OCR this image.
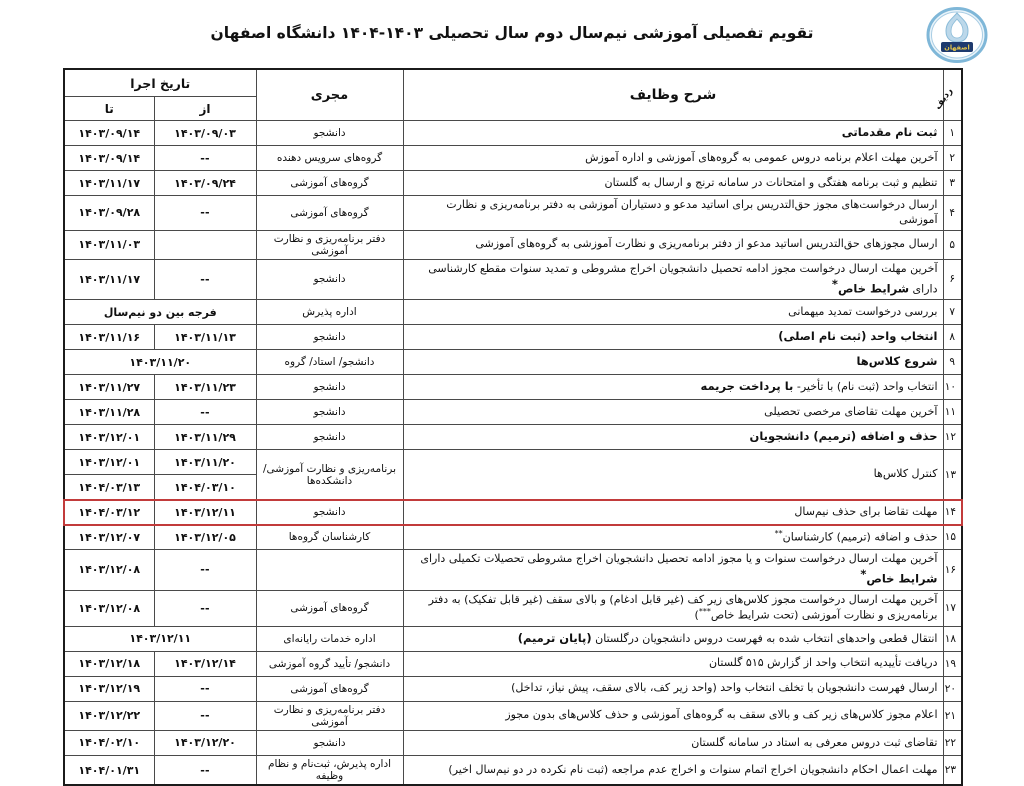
اصفهان
تقویم تفصیلی آموزشی نیم‌سال دوم سال تحصیلی ۱۴۰۳-۱۴۰۴ دانشگاه اصفهان
ردیف	شرح وظایف	مجری	تاریخ اجرا	
			از	تا
۱	ثبت نام مقدماتی	دانشجو	۱۴۰۳/۰۹/۰۳	۱۴۰۳/۰۹/۱۴
۲	آخرین مهلت اعلام برنامه دروس عمومی به گروه‌های آموزشی و اداره آموزش	گروه‌های سرویس دهنده	--	۱۴۰۳/۰۹/۱۴
۳	تنظیم و ثبت برنامه هفتگی و امتحانات در سامانه ترنج و ارسال به گلستان	گروه‌های آموزشی	۱۴۰۳/۰۹/۲۴	۱۴۰۳/۱۱/۱۷
۴	ارسال درخواست‌های مجوز حق‌التدریس برای اساتید مدعو و دستیاران آموزشی به دفتر برنامه‌ریزی و نظارت آموزشی	گروه‌های آموزشی	--	۱۴۰۳/۰۹/۲۸
۵	ارسال مجوزهای حق‌التدریس اساتید مدعو از دفتر برنامه‌ریزی و نظارت آموزشی به گروه‌های آموزشی	دفتر برنامه‌ریزی و نظارت آموزشی		۱۴۰۳/۱۱/۰۳
۶	آخرین مهلت ارسال درخواست مجوز ادامه تحصیل دانشجویان اخراج مشروطی و تمدید سنوات مقطع کارشناسی دارای شرایط خاص*	دانشجو	--	۱۴۰۳/۱۱/۱۷
۷	بررسی درخواست تمدید میهمانی	اداره پذیرش	فرجه بین دو نیم‌سال	
۸	انتخاب واحد (ثبت نام اصلی)	دانشجو	۱۴۰۳/۱۱/۱۳	۱۴۰۳/۱۱/۱۶
۹	شروع کلاس‌ها	دانشجو/ استاد/ گروه	۱۴۰۳/۱۱/۲۰	
۱۰	انتخاب واحد (ثبت نام) با تأخیر- با پرداخت جریمه	دانشجو	۱۴۰۳/۱۱/۲۳	۱۴۰۳/۱۱/۲۷
۱۱	آخرین مهلت تقاضای مرخصی تحصیلی	دانشجو	--	۱۴۰۳/۱۱/۲۸
۱۲	حذف و اضافه (ترمیم) دانشجویان	دانشجو	۱۴۰۳/۱۱/۲۹	۱۴۰۳/۱۲/۰۱
۱۳	کنترل کلاس‌ها	برنامه‌ریزی و نظارت آموزشی/ دانشکده‌ها	۱۴۰۳/۱۱/۲۰	۱۴۰۳/۱۲/۰۱
			۱۴۰۴/۰۳/۱۰	۱۴۰۴/۰۳/۱۳
۱۴	مهلت تقاضا برای حذف نیم‌سال	دانشجو	۱۴۰۳/۱۲/۱۱	۱۴۰۴/۰۳/۱۲
۱۵	حذف و اضافه (ترمیم) کارشناسان**	کارشناسان گروه‌ها	۱۴۰۳/۱۲/۰۵	۱۴۰۳/۱۲/۰۷
۱۶	آخرین مهلت ارسال درخواست سنوات و یا مجوز ادامه تحصیل دانشجویان اخراج مشروطی تحصیلات تکمیلی دارای شرایط خاص*		--	۱۴۰۳/۱۲/۰۸
۱۷	آخرین مهلت ارسال درخواست مجوز کلاس‌های زیر کف (غیر قابل ادغام) و بالای سقف (غیر قابل تفکیک) به دفتر برنامه‌ریزی و نظارت آموزشی (تحت شرایط خاص***)	گروه‌های آموزشی	--	۱۴۰۳/۱۲/۰۸
۱۸	انتقال قطعی واحدهای انتخاب شده به فهرست دروس دانشجویان درگلستان (پایان ترمیم)	اداره خدمات رایانه‌ای	۱۴۰۳/۱۲/۱۱	
۱۹	دریافت تأییدیه انتخاب واحد از گزارش ۵۱۵ گلستان	دانشجو/ تأیید گروه آموزشی	۱۴۰۳/۱۲/۱۴	۱۴۰۳/۱۲/۱۸
۲۰	ارسال فهرست دانشجویان با تخلف انتخاب واحد (واحد زیر کف، بالای سقف، پیش نیاز، تداخل)	گروه‌های آموزشی	--	۱۴۰۳/۱۲/۱۹
۲۱	اعلام مجوز کلاس‌های زیر کف و بالای سقف به گروه‌های آموزشی و حذف کلاس‌های بدون مجوز	دفتر برنامه‌ریزی و نظارت آموزشی	--	۱۴۰۳/۱۲/۲۲
۲۲	تقاضای ثبت دروس معرفی به استاد در سامانه گلستان	دانشجو	۱۴۰۳/۱۲/۲۰	۱۴۰۴/۰۲/۱۰
۲۳	مهلت اعمال احکام دانشجویان اخراج اتمام سنوات و اخراج عدم مراجعه (ثبت نام نکرده در دو نیم‌سال اخیر)	اداره پذیرش، ثبت‌نام و نظام وظیفه	--	۱۴۰۴/۰۱/۳۱
